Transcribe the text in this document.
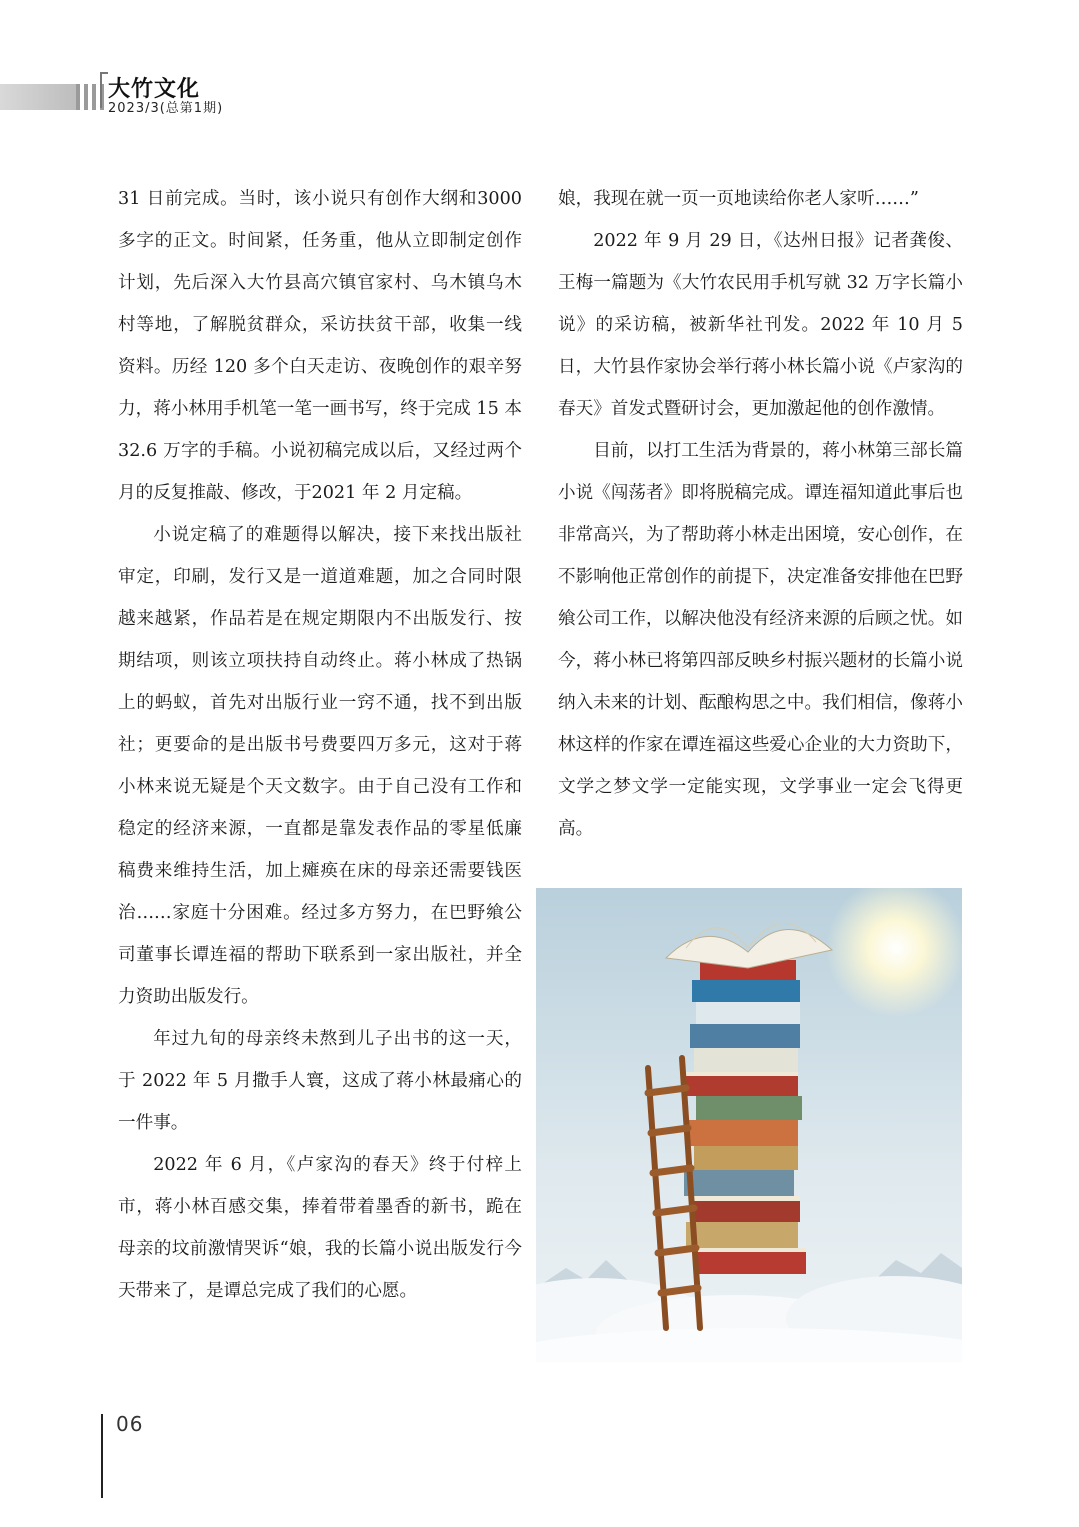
大竹文化
2023/3(总第1期)

31 日前完成。当时，该小说只有创作大纲和3000 多字的正文。时间紧，任务重，他从立即制定创作计划，先后深入大竹县高穴镇官家村、乌木镇乌木村等地，了解脱贫群众，采访扶贫干部，收集一线资料。历经 120 多个白天走访、夜晚创作的艰辛努力，蒋小林用手机笔一笔一画书写，终于完成 15 本 32.6 万字的手稿。小说初稿完成以后，又经过两个月的反复推敲、修改，于2021 年 2 月定稿。

小说定稿了的难题得以解决，接下来找出版社审定，印刷，发行又是一道道难题，加之合同时限越来越紧，作品若是在规定期限内不出版发行、按期结项，则该立项扶持自动终止。蒋小林成了热锅上的蚂蚁，首先对出版行业一窍不通，找不到出版社；更要命的是出版书号费要四万多元，这对于蒋小林来说无疑是个天文数字。由于自己没有工作和稳定的经济来源，一直都是靠发表作品的零星低廉稿费来维持生活，加上瘫痪在床的母亲还需要钱医治……家庭十分困难。经过多方努力，在巴野飨公司董事长谭连福的帮助下联系到一家出版社，并全力资助出版发行。

年过九旬的母亲终未熬到儿子出书的这一天，于 2022 年 5 月撒手人寰，这成了蒋小林最痛心的一件事。

2022 年 6 月，《卢家沟的春天》终于付梓上市，蒋小林百感交集，捧着带着墨香的新书，跪在母亲的坟前激情哭诉“娘，我的长篇小说出版发行今天带来了，是谭总完成了我们的心愿。

娘，我现在就一页一页地读给你老人家听……”

2022 年 9 月 29 日，《达州日报》记者龚俊、王梅一篇题为《大竹农民用手机写就 32 万字长篇小说》的采访稿，被新华社刊发。2022 年 10 月 5 日，大竹县作家协会举行蒋小林长篇小说《卢家沟的春天》首发式暨研讨会，更加激起他的创作激情。

目前，以打工生活为背景的，蒋小林第三部长篇小说《闯荡者》即将脱稿完成。谭连福知道此事后也非常高兴，为了帮助蒋小林走出困境，安心创作，在不影响他正常创作的前提下，决定准备安排他在巴野飨公司工作，以解决他没有经济来源的后顾之忧。如今，蒋小林已将第四部反映乡村振兴题材的长篇小说纳入未来的计划、酝酿构思之中。我们相信，像蒋小林这样的作家在谭连福这些爱心企业的大力资助下，文学之梦文学一定能实现，文学事业一定会飞得更高。

06
